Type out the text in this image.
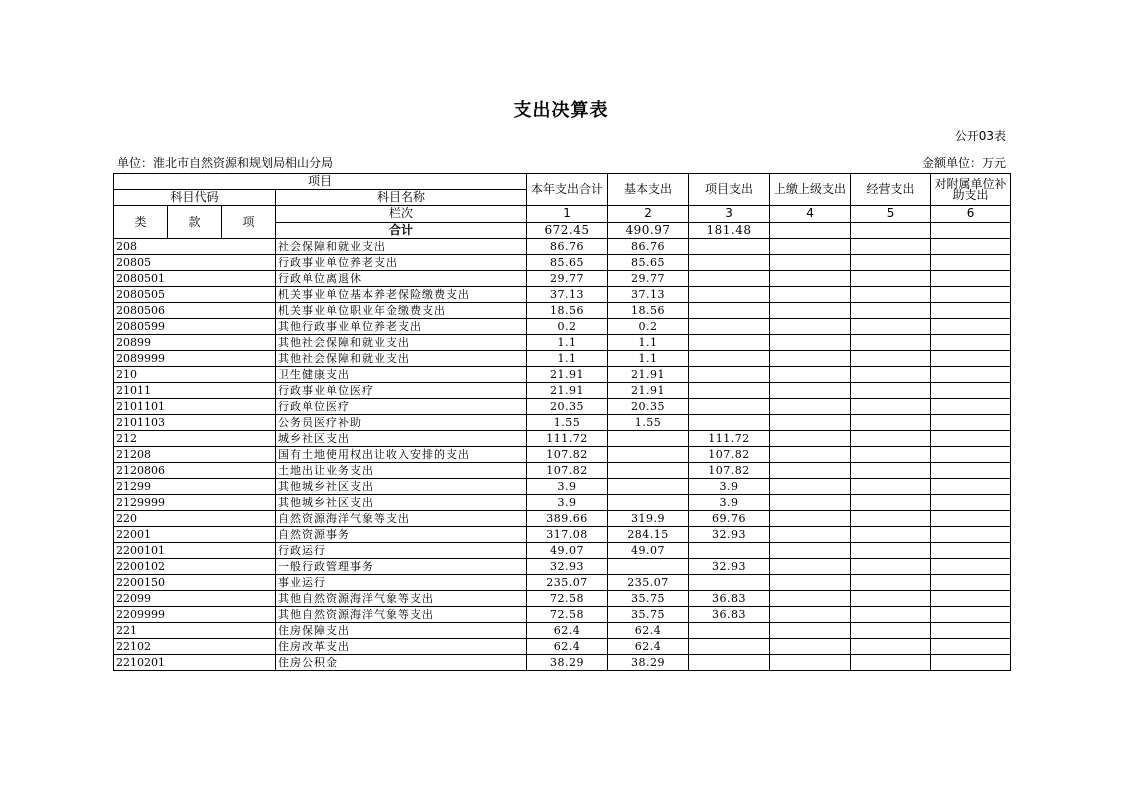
支出决算表
公开03表
单位：淮北市自然资源和规划局相山分局	金额单位：万元
项目				本年支出合计	基本支出	项目支出	上缴上级支出	经营支出	对附属单位补助支出
科目代码			科目名称						
类	款	项	栏次	1	2	3	4	5	6
			合计	672.45	490.97	181.48			
208			社会保障和就业支出	86.76	86.76				
20805			行政事业单位养老支出	85.65	85.65				
2080501			行政单位离退休	29.77	29.77				
2080505			机关事业单位基本养老保险缴费支出	37.13	37.13				
2080506			机关事业单位职业年金缴费支出	18.56	18.56				
2080599			其他行政事业单位养老支出	0.2	0.2				
20899			其他社会保障和就业支出	1.1	1.1				
2089999			其他社会保障和就业支出	1.1	1.1				
210			卫生健康支出	21.91	21.91				
21011			行政事业单位医疗	21.91	21.91				
2101101			行政单位医疗	20.35	20.35				
2101103			公务员医疗补助	1.55	1.55				
212			城乡社区支出	111.72		111.72			
21208			国有土地使用权出让收入安排的支出	107.82		107.82			
2120806			土地出让业务支出	107.82		107.82			
21299			其他城乡社区支出	3.9		3.9			
2129999			其他城乡社区支出	3.9		3.9			
220			自然资源海洋气象等支出	389.66	319.9	69.76			
22001			自然资源事务	317.08	284.15	32.93			
2200101			行政运行	49.07	49.07				
2200102			一般行政管理事务	32.93		32.93			
2200150			事业运行	235.07	235.07				
22099			其他自然资源海洋气象等支出	72.58	35.75	36.83			
2209999			其他自然资源海洋气象等支出	72.58	35.75	36.83			
221			住房保障支出	62.4	62.4				
22102			住房改革支出	62.4	62.4				
2210201			住房公积金	38.29	38.29				
